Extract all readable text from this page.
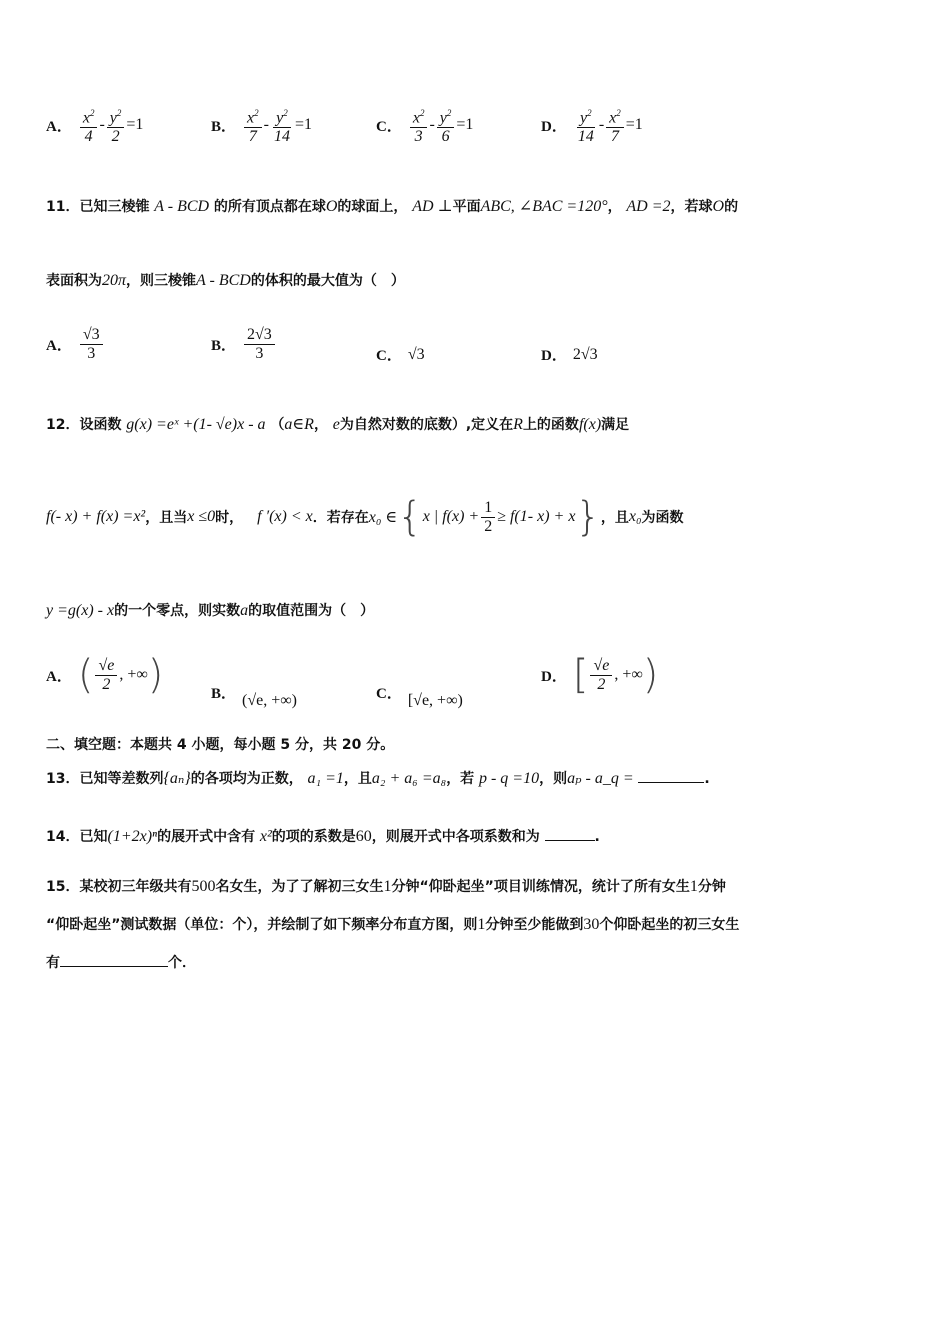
A． $\frac{x^2}{4} - \frac{y^2}{2} =1$	B． $\frac{x^2}{7} - \frac{y^2}{14} =1$	C． $\frac{x^2}{3} - \frac{y^2}{6} =1$	D． $\frac{y^2}{14} - \frac{x^2}{7} =1$
11．已知三棱锥 A - BCD 的所有顶点都在球O的球面上， AD ⊥平面ABC, ∠BAC =120°， AD =2，若球O的
表面积为20π，则三棱锥A - BCD的体积的最大值为（　）
A． $\frac{√3}{3}$	B． $\frac{2√3}{3}$	C． √3	D． 2√3
12．设函数 g(x) =eˣ +(1- √e)x - a （a∈R， e为自然对数的底数）,定义在R上的函数f(x)满足
f(- x) + f(x) =x² ，且当 x ≤0 时， f ′(x) < x ．若存在 x₀ ∈ { x | $f(x) + \frac{1}{2} \ge f(1-$ x) + x } ，且 x₀ 为函数
y =g(x) - x的一个零点，则实数a的取值范围为（　）
A． ( $\frac{√e}{2}$ , +∞ )	B． (√e, +∞)	C． [√e, +∞)
D． [ $\frac{√e}{2}$ , +∞ )
二、填空题：本题共 4 小题，每小题 5 分，共 20 分。
13．已知等差数列{aₙ}的各项均为正数， a₁ =1，且a₂ + a₆ =a₈，若 p - q =10，则aₚ - a_q =	.
14．已知(1+2x)ⁿ的展开式中含有 x²的项的系数是60，则展开式中各项系数和为	.
15．某校初三年级共有500名女生，为了了解初三女生1分钟“仰卧起坐”项目训练情况，统计了所有女生1分钟
“仰卧起坐”测试数据（单位：个），并绘制了如下频率分布直方图，则1分钟至少能做到30个仰卧起坐的初三女生
有	个．
